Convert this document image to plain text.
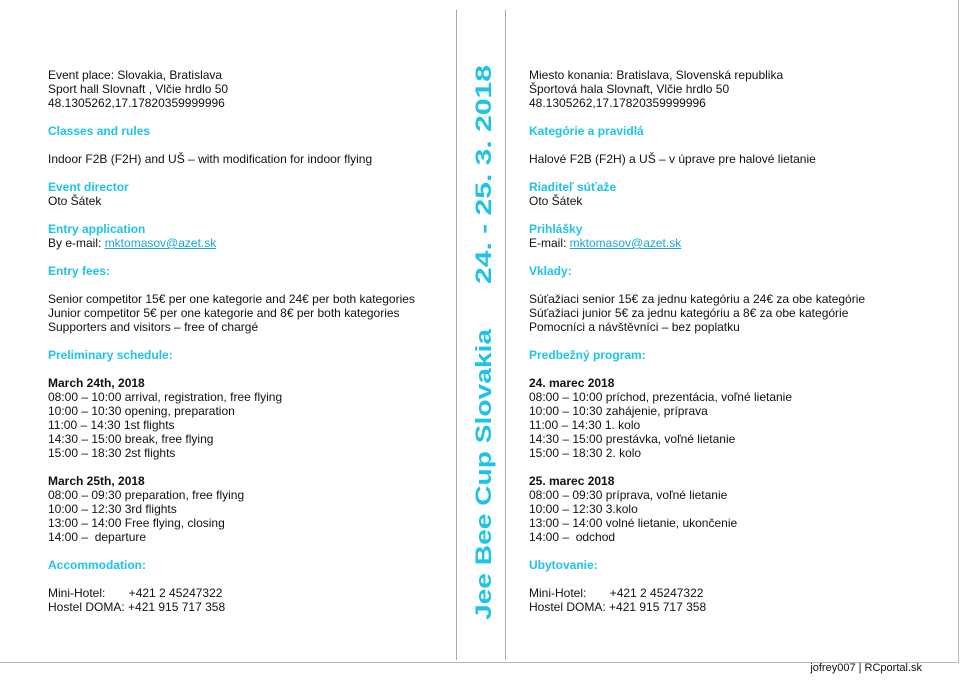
Event place: Slovakia, Bratislava
Sport hall Slovnaft , Vlčie hrdlo 50
48.1305262,17.17820359999996
Classes and rules
Indoor F2B (F2H) and UŠ – with modification for indoor flying
Event director
Oto Šátek
Entry application
By e-mail: mktomasov@azet.sk
Entry fees:
Senior competitor 15€ per one kategorie and 24€ per both kategories
Junior competitor 5€ per one kategorie and 8€ per both kategories
Supporters and visitors – free of chargé
Preliminary schedule:
March 24th, 2018
08:00 – 10:00 arrival, registration, free flying
10:00 – 10:30 opening, preparation
11:00 – 14:30 1st flights
14:30 – 15:00 break, free flying
15:00 – 18:30 2st flights
March 25th, 2018
08:00 – 09:30 preparation, free flying
10:00 – 12:30 3rd flights
13:00 – 14:00 Free flying, closing
14:00 –  departure
Accommodation:
Mini-Hotel:       +421 2 45247322
Hostel DOMA: +421 915 717 358	Jee Bee Cup Slovakia
24. - 25. 3. 2018
Miesto konania: Bratislava, Slovenská republika
Športová hala Slovnaft, Vlčie hrdlo 50
48.1305262,17.17820359999996
Kategórie a pravidlá
Halové F2B (F2H) a UŠ – v úprave pre halové lietanie
Riaditeľ súťaže
Oto Šátek
Prihlášky
E-mail: mktomasov@azet.sk
Vklady:
Súťažiaci senior 15€ za jednu kategóriu a 24€ za obe kategórie
Súťažiaci junior 5€ za jednu kategóriu a 8€ za obe kategórie
Pomocníci a návštěvníci – bez poplatku
Predbežný program:
24. marec 2018
08:00 – 10:00 príchod, prezentácia, voľné lietanie
10:00 – 10:30 zahájenie, príprava
11:00 – 14:30 1. kolo
14:30 – 15:00 prestávka, voľné lietanie
15:00 – 18:30 2. kolo
25. marec 2018
08:00 – 09:30 príprava, voľné lietanie
10:00 – 12:30 3.kolo
13:00 – 14:00 volné lietanie, ukončenie
14:00 –  odchod
Ubytovanie:
Mini-Hotel:       +421 2 45247322
Hostel DOMA: +421 915 717 358
jofrey007 | RCportal.sk
